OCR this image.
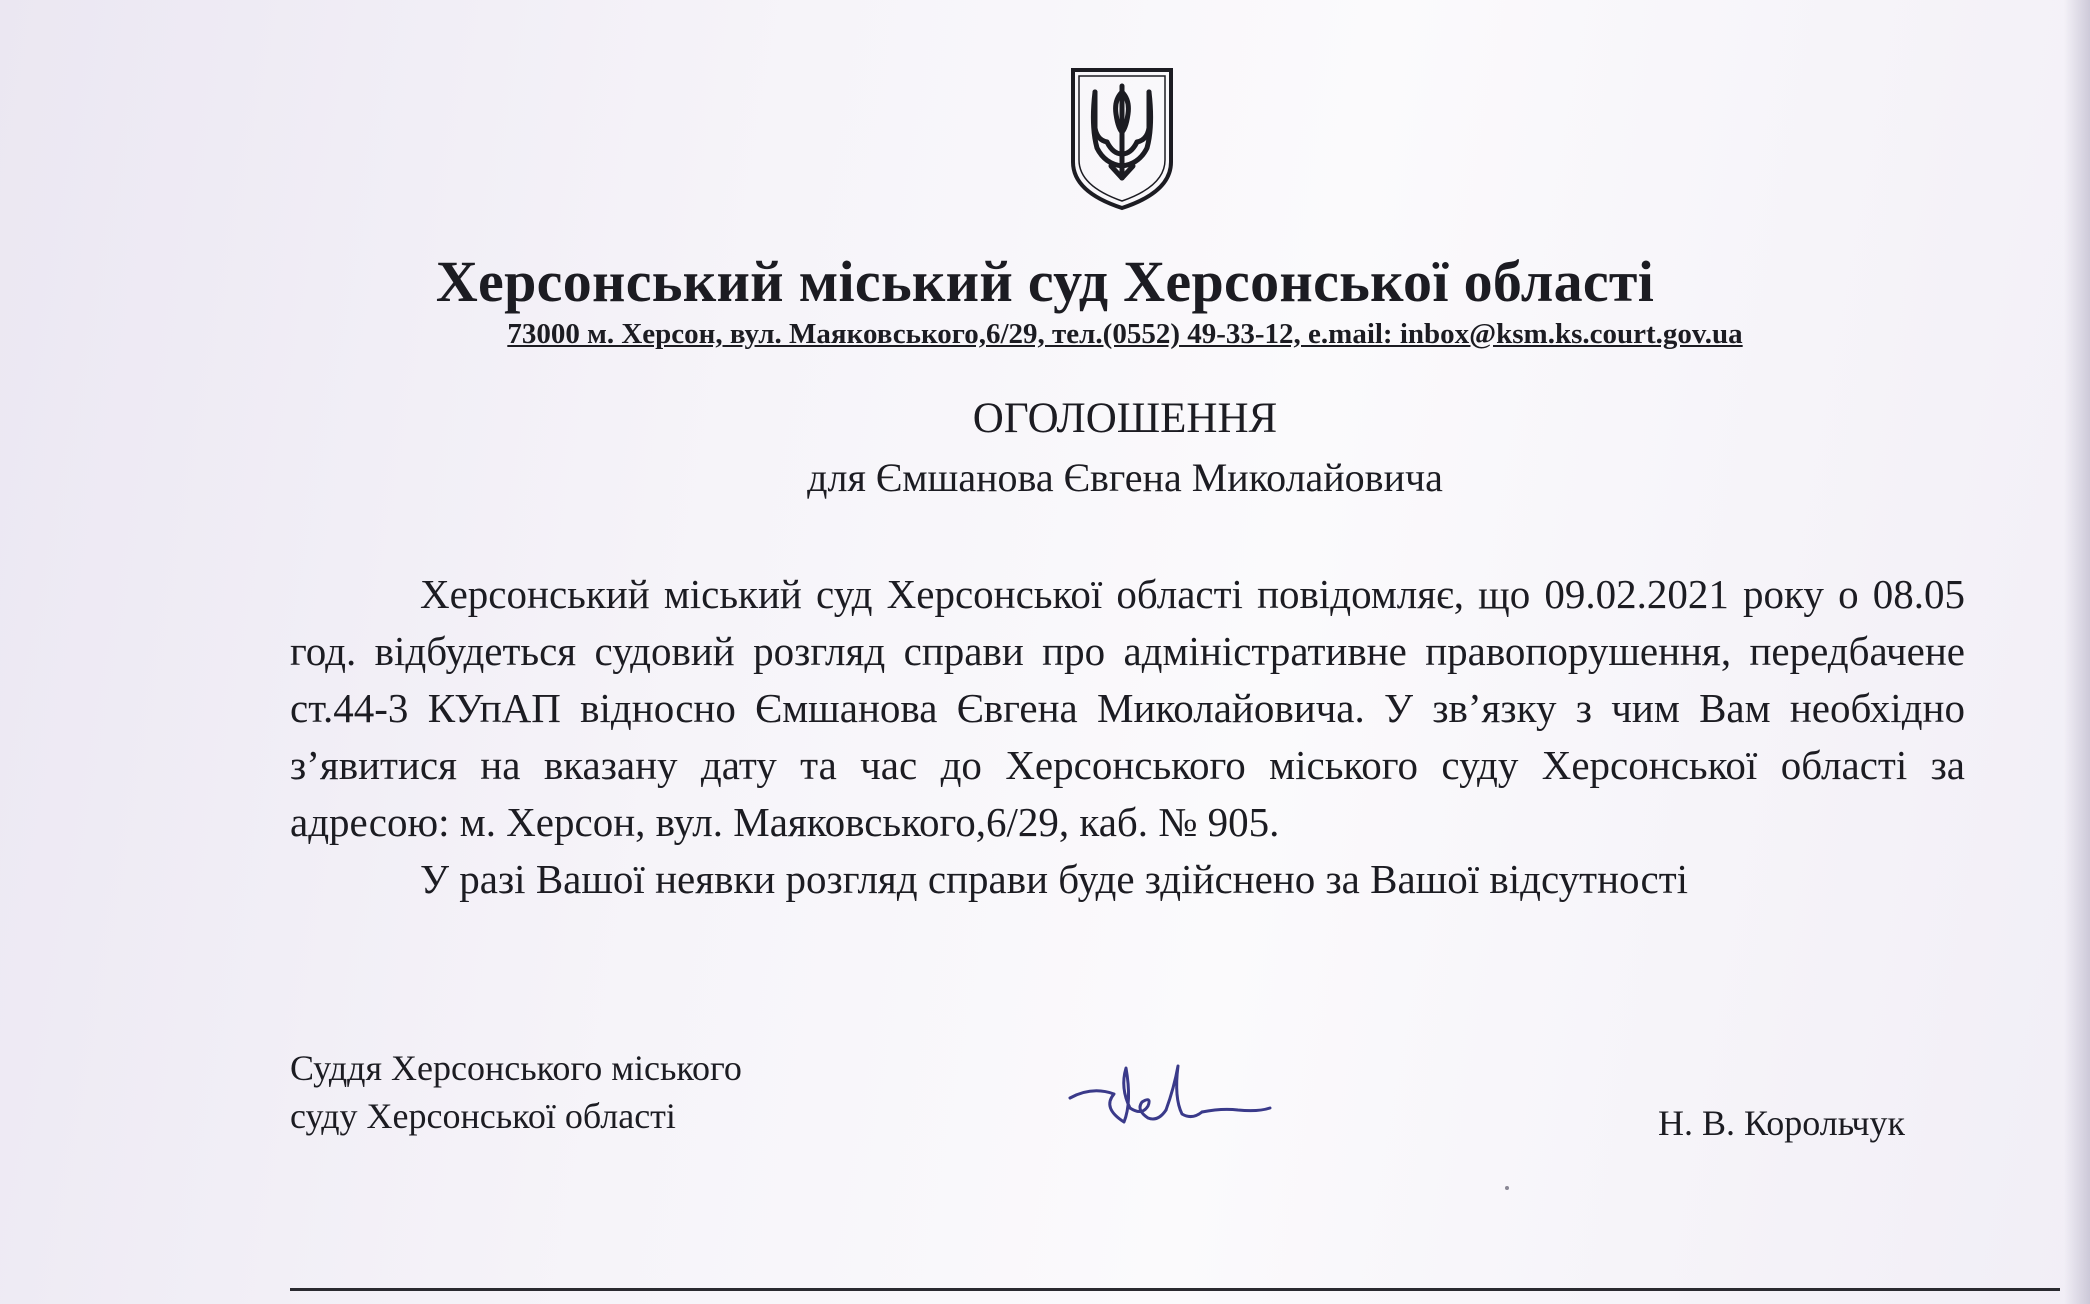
Херсонський міський суд Херсонської області
73000 м. Херсон, вул. Маяковського,6/29, тел.(0552) 49-33-12, e.mail: inbox@ksm.ks.court.gov.ua
ОГОЛОШЕННЯ
для Ємшанова Євгена Миколайовича

Херсонський міський суд Херсонської області повідомляє, що 09.02.2021 року о 08.05 год. відбудеться судовий розгляд справи про адміністративне правопорушення, передбачене ст.44-3 КУпАП відносно Ємшанова Євгена Миколайовича. У зв’язку з чим Вам необхідно з’явитися на вказану дату та час до Херсонського міського суду Херсонської області за адресою: м. Херсон, вул. Маяковського,6/29, каб. № 905.

У разі Вашої неявки розгляд справи буде здійснено за Вашої відсутності

Суддя Херсонського міського
суду Херсонської області	Н. В. Корольчук
